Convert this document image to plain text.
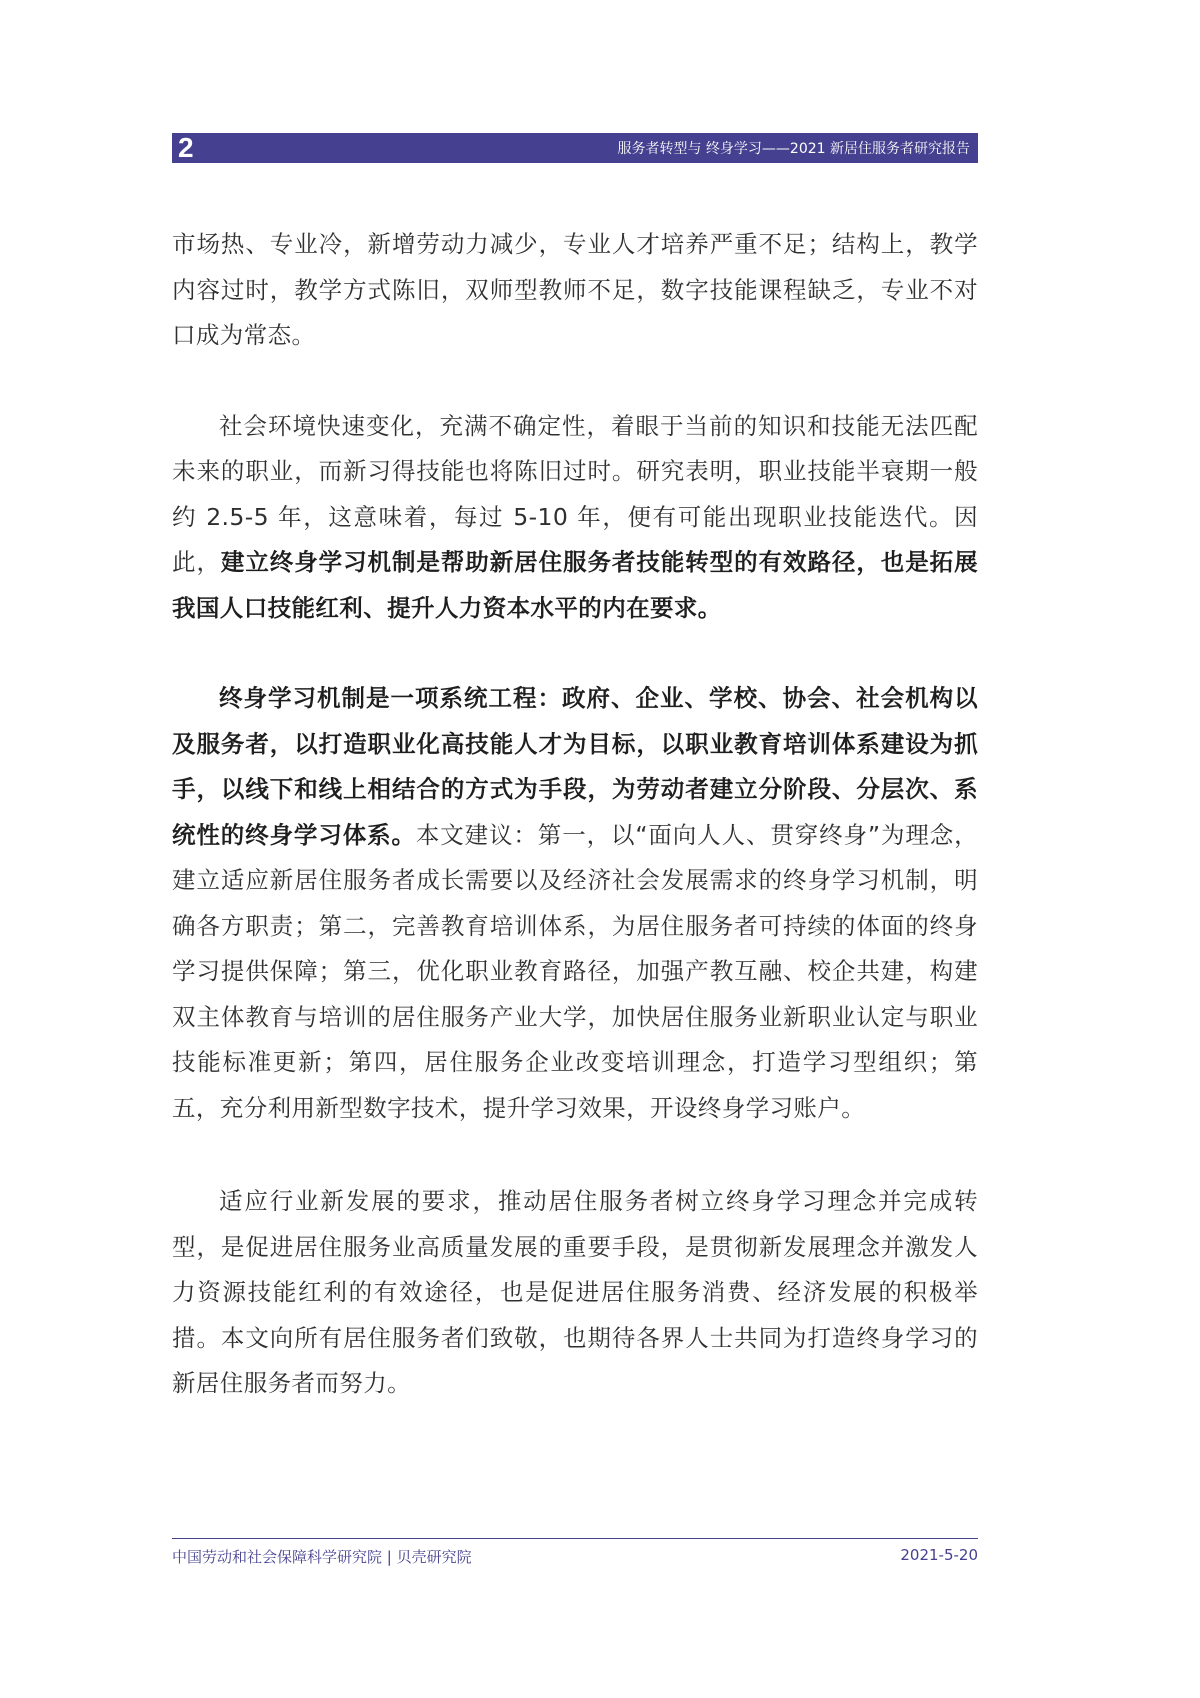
2	服务者转型与 终身学习——2021 新居住服务者研究报告

市场热、专业冷，新增劳动力减少，专业人才培养严重不足；结构上，教学内容过时，教学方式陈旧，双师型教师不足，数字技能课程缺乏，专业不对口成为常态。

社会环境快速变化，充满不确定性，着眼于当前的知识和技能无法匹配未来的职业，而新习得技能也将陈旧过时。研究表明，职业技能半衰期一般约 2.5-5 年，这意味着，每过 5-10 年，便有可能出现职业技能迭代。因此，建立终身学习机制是帮助新居住服务者技能转型的有效路径，也是拓展我国人口技能红利、提升人力资本水平的内在要求。

终身学习机制是一项系统工程：政府、企业、学校、协会、社会机构以及服务者，以打造职业化高技能人才为目标，以职业教育培训体系建设为抓手，以线下和线上相结合的方式为手段，为劳动者建立分阶段、分层次、系统性的终身学习体系。本文建议：第一，以“面向人人、贯穿终身”为理念，建立适应新居住服务者成长需要以及经济社会发展需求的终身学习机制，明确各方职责；第二，完善教育培训体系，为居住服务者可持续的体面的终身学习提供保障；第三，优化职业教育路径，加强产教互融、校企共建，构建双主体教育与培训的居住服务产业大学，加快居住服务业新职业认定与职业技能标准更新；第四，居住服务企业改变培训理念，打造学习型组织；第五，充分利用新型数字技术，提升学习效果，开设终身学习账户。

适应行业新发展的要求，推动居住服务者树立终身学习理念并完成转型，是促进居住服务业高质量发展的重要手段，是贯彻新发展理念并激发人力资源技能红利的有效途径，也是促进居住服务消费、经济发展的积极举措。本文向所有居住服务者们致敬，也期待各界人士共同为打造终身学习的新居住服务者而努力。

中国劳动和社会保障科学研究院 | 贝壳研究院	2021-5-20
